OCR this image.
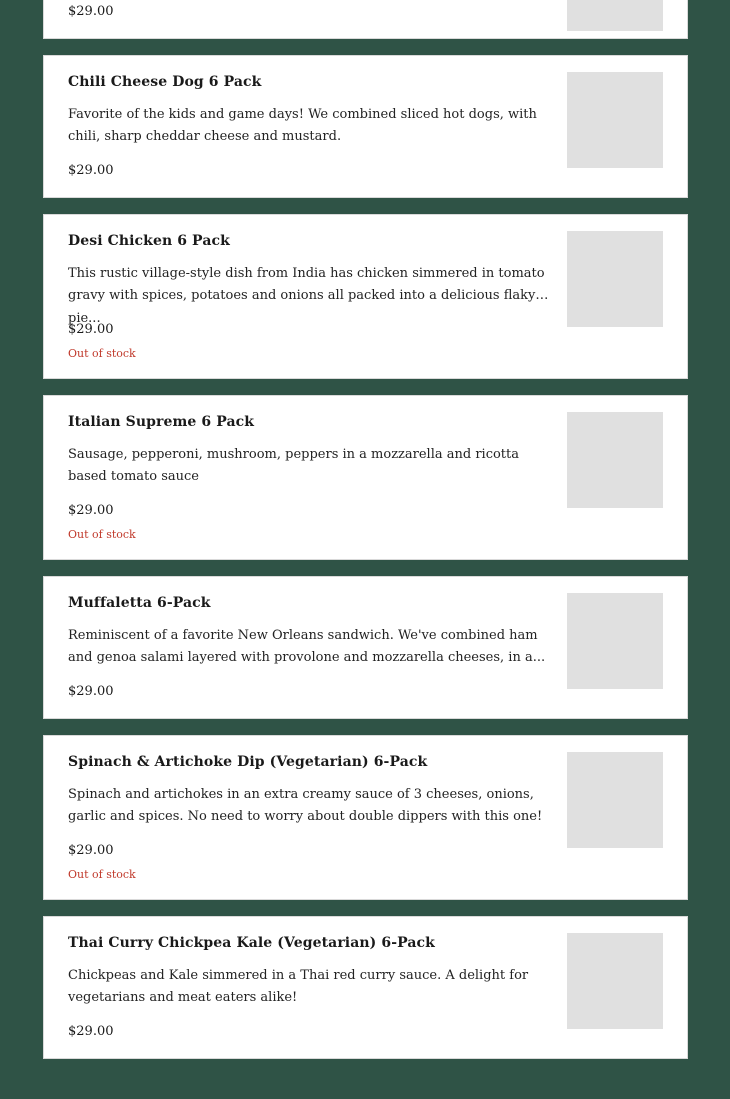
$29.00
Chili Cheese Dog 6 Pack
Favorite of the kids and game days! We combined sliced hot dogs, with chili, sharp cheddar cheese and mustard.
$29.00
Desi Chicken 6 Pack
This rustic village-style dish from India has chicken simmered in tomato gravy with spices, potatoes and onions all packed into a delicious flaky pie...
$29.00
Out of stock
Italian Supreme 6 Pack
Sausage, pepperoni, mushroom, peppers in a mozzarella and ricotta based tomato sauce
$29.00
Out of stock
Muffaletta 6-Pack
Reminiscent of a favorite New Orleans sandwich. We've combined ham and genoa salami layered with provolone and mozzarella cheeses, in a...
$29.00
Spinach & Artichoke Dip (Vegetarian) 6-Pack
Spinach and artichokes in an extra creamy sauce of 3 cheeses, onions, garlic and spices. No need to worry about double dippers with this one!
$29.00
Out of stock
Thai Curry Chickpea Kale (Vegetarian) 6-Pack
Chickpeas and Kale simmered in a Thai red curry sauce. A delight for vegetarians and meat eaters alike!
$29.00
